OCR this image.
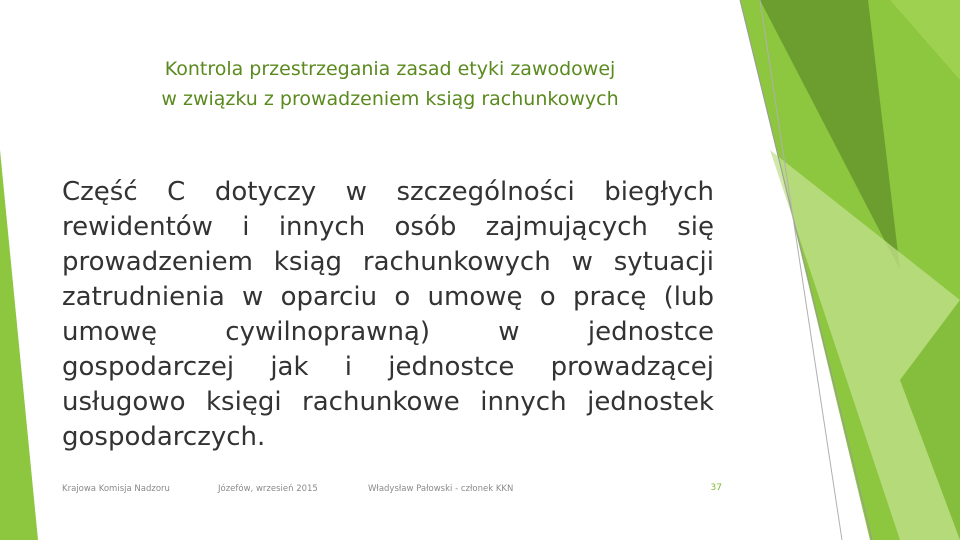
Kontrola przestrzegania zasad etyki zawodowej
w związku z prowadzeniem ksiąg rachunkowych
Część C dotyczy w szczególności biegłych rewidentów i innych osób zajmujących się prowadzeniem ksiąg rachunkowych w sytuacji zatrudnienia w oparciu o umowę o pracę (lub umowę cywilnoprawną) w jednostce gospodarczej jak i jednostce prowadzącej usługowo księgi rachunkowe innych jednostek gospodarczych.
Krajowa Komisja Nadzoru	Józefów, wrzesień 2015	Władysław Pałowski - członek KKN	37
